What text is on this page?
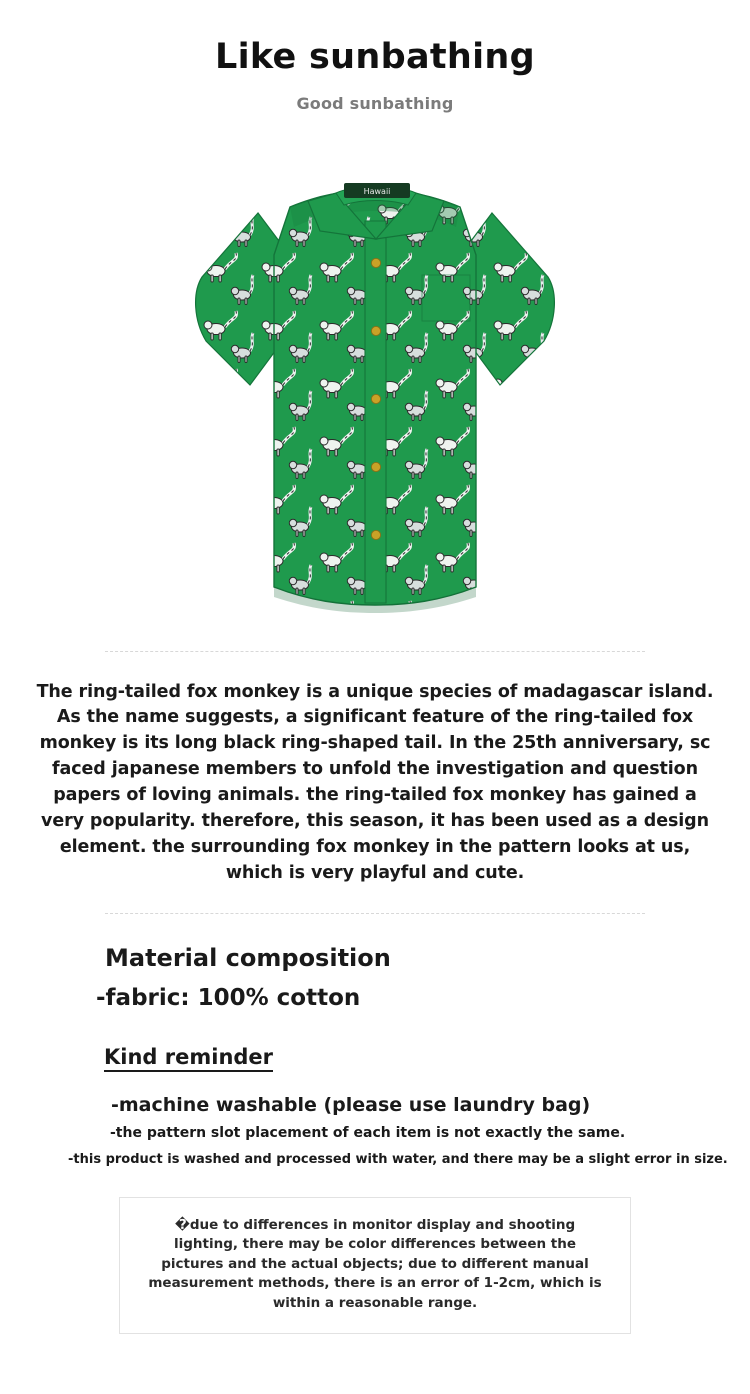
Like sunbathing
Good sunbathing
Hawaii
The ring-tailed fox monkey is a unique species of madagascar island. As the name suggests, a significant feature of the ring-tailed fox monkey is its long black ring-shaped tail. In the 25th anniversary, sc faced japanese members to unfold the investigation and question papers of loving animals. the ring-tailed fox monkey has gained a very popularity. therefore, this season, it has been used as a design element. the surrounding fox monkey in the pattern looks at us, which is very playful and cute.
Material composition
-fabric: 100% cotton
Kind reminder
-machine washable (please use laundry bag)
-the pattern slot placement of each item is not exactly the same.
-this product is washed and processed with water, and there may be a slight error in size.
�due to differences in monitor display and shooting lighting, there may be color differences between the pictures and the actual objects; due to different manual measurement methods, there is an error of 1-2cm, which is within a reasonable range.
